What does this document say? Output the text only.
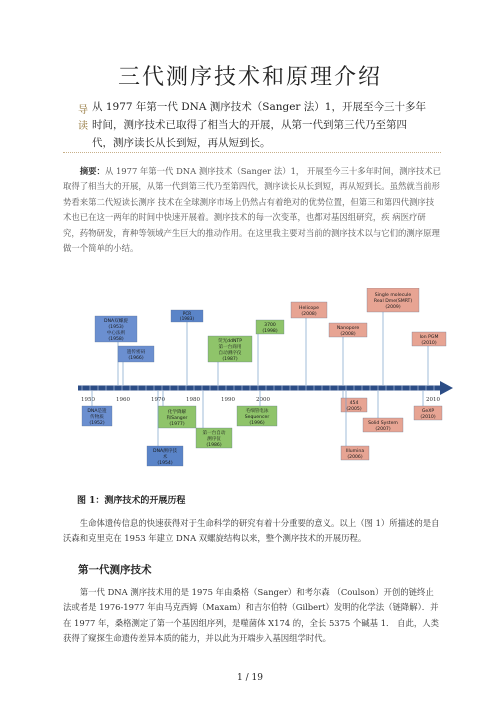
三代测序技术和原理介绍
导读
从 1977 年第一代 DNA 测序技术（Sanger 法）1，开展至今三十多年时间，测序技术已取得了相当大的开展，从第一代到第三代乃至第四代，测序读长从长到短，再从短到长。
摘要：从 1977 年第一代 DNA 测序技术（Sanger 法）1， 开展至今三十多年时间，测序技术已取得了相当大的开展，从第一代到第三代乃至第四代，测序读长从长到短，再从短到长。虽然就当前形势看来第二代短读长测序 技术在全球测序市场上仍然占有着绝对的优势位置，但第三和第四代测序技术也已在这一两年的时间中快速开展着。测序技术的每一次变革，也都对基因组研究，疾 病医疗研究，药物研发，育种等领域产生巨大的推动作用。在这里我主要对当前的测序技术以与它们的测序原理做一个简单的小结。
1950	1960	1970	1980	1990	2000	2010
DNA双螺旋
(1953)
中心法则
(1958)
遗传密码
(1966)
PCR
(1983)
荧光ddNTP
第一台商用
自动测序仪
(1987)
3700
(1998)
Helicope
(2008)
Nanopore
(2008)
Single molecule
Real Dme(SMRT)
(2009)
Ion PGM
(2010)
DNA是遗
传物质
(1952)
化学降解
和Sanger
(1977)
DNA测序技
术
(1954)
第一台自动
测序仪
(1986)
毛细管电泳
Sequencer
(1996)
454
(2005)
Solid System
(2007)
Illumina
(2006)
GeXP
(2010)
图 1：测序技术的开展历程
生命体遗传信息的快速获得对于生命科学的研究有着十分重要的意义。以上（图 1）所描述的是自沃森和克里克在 1953 年建立 DNA 双螺旋结构以来，整个测序技术的开展历程。
第一代测序技术
第一代 DNA 测序技术用的是 1975 年由桑格（Sanger）和考尔森 （Coulson）开创的链终止法或者是 1976-1977 年由马克西姆（Maxam）和吉尔伯特（Gilbert）发明的化学法（链降解）．并在 1977 年，桑格测定了第一个基因组序列，是噬菌体 X174 的，全长 5375 个碱基 1． 自此，人类获得了窥探生命遗传差异本质的能力，并以此为开端步入基因组学时代。
1 / 19
